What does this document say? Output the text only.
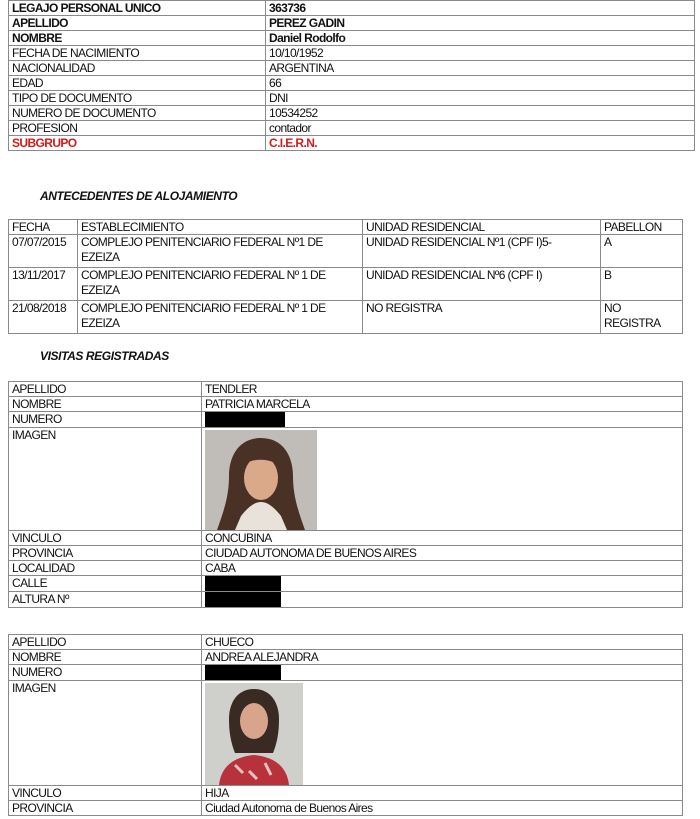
LEGAJO PERSONAL UNICO	363736
APELLIDO	PEREZ GADIN
NOMBRE	Daniel Rodolfo
FECHA DE NACIMIENTO	10/10/1952
NACIONALIDAD	ARGENTINA
EDAD	66
TIPO DE DOCUMENTO	DNI
NUMERO DE DOCUMENTO	10534252
PROFESION	contador
SUBGRUPO	C.I.E.R.N.

ANTECEDENTES DE ALOJAMIENTO

FECHA	ESTABLECIMIENTO	UNIDAD RESIDENCIAL	PABELLON
07/07/2015	COMPLEJO PENITENCIARIO FEDERAL Nº1 DE EZEIZA	UNIDAD RESIDENCIAL Nº1 (CPF I)5-	A
13/11/2017	COMPLEJO PENITENCIARIO FEDERAL Nº 1 DE EZEIZA	UNIDAD RESIDENCIAL Nº6 (CPF I)	B
21/08/2018	COMPLEJO PENITENCIARIO FEDERAL Nº 1 DE EZEIZA	NO REGISTRA	NO REGISTRA

VISITAS REGISTRADAS

APELLIDO	TENDLER
NOMBRE	PATRICIA MARCELA
NUMERO	
IMAGEN	

VINCULO	CONCUBINA
PROVINCIA	CIUDAD AUTONOMA DE BUENOS AIRES
LOCALIDAD	CABA
CALLE	
ALTURA Nº	
APELLIDO	CHUECO
NOMBRE	ANDREA ALEJANDRA
NUMERO	
IMAGEN	

VINCULO	HIJA
PROVINCIA	Ciudad Autonoma de Buenos Aires
